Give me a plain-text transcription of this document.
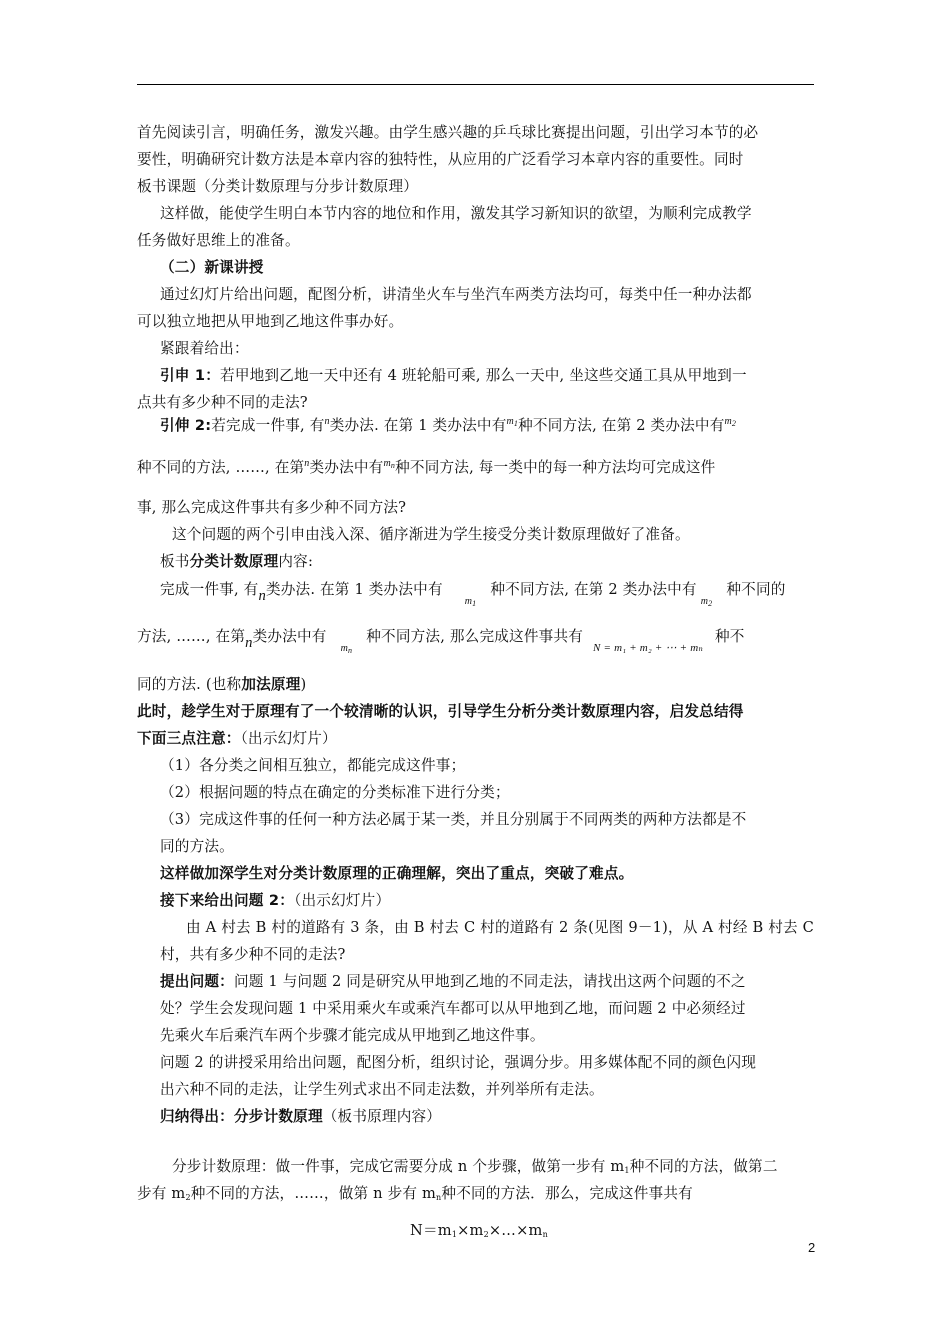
首先阅读引言，明确任务，激发兴趣。由学生感兴趣的乒乓球比赛提出问题，引出学习本节的必
要性，明确研究计数方法是本章内容的独特性，从应用的广泛看学习本章内容的重要性。同时
板书课题（分类计数原理与分步计数原理）
这样做，能使学生明白本节内容的地位和作用，激发其学习新知识的欲望，为顺利完成教学
任务做好思维上的准备。
（二）新课讲授
通过幻灯片给出问题，配图分析，讲清坐火车与坐汽车两类方法均可，每类中任一种办法都
可以独立地把从甲地到乙地这件事办好。
紧跟着给出：
引申 1：若甲地到乙地一天中还有 4 班轮船可乘, 那么一天中, 坐这些交通工具从甲地到一
点共有多少种不同的走法?
引伸 2:若完成一件事, 有$^n$类办法. 在第 1 类办法中有$^{m_1}$种不同方法, 在第 2 类办法中有$^{m_2}$
种不同的方法, ……, 在第$^n$类办法中有$^{m_n}$种不同方法, 每一类中的每一种方法均可完成这件
事, 那么完成这件事共有多少种不同方法?
这个问题的两个引申由浅入深、循序渐进为学生接受分类计数原理做好了准备。
板书分类计数原理内容:
完成一件事, 有n类办法. 在第 1 类办法中有$_{m_1}$种不同方法, 在第 2 类办法中有$_{m_2}$种不同的
方法, ……, 在第n类办法中有$_{m_n}$种不同方法, 那么完成这件事共有$_{N = m_1 + m_2 + \cdots + m_n}$种不
同的方法. (也称加法原理)
此时，趁学生对于原理有了一个较清晰的认识，引导学生分析分类计数原理内容，启发总结得
下面三点注意：（出示幻灯片）
（1）各分类之间相互独立，都能完成这件事；
（2）根据问题的特点在确定的分类标准下进行分类；
（3）完成这件事的任何一种方法必属于某一类，并且分别属于不同两类的两种方法都是不
同的方法。
这样做加深学生对分类计数原理的正确理解，突出了重点，突破了难点。
接下来给出问题 2：（出示幻灯片）
由 A 村去 B 村的道路有 3 条，由 B 村去 C 村的道路有 2 条(见图 9－1)，从 A 村经 B 村去 C
村，共有多少种不同的走法?
提出问题：问题 1 与问题 2 同是研究从甲地到乙地的不同走法，请找出这两个问题的不之
处？学生会发现问题 1 中采用乘火车或乘汽车都可以从甲地到乙地，而问题 2 中必须经过
先乘火车后乘汽车两个步骤才能完成从甲地到乙地这件事。
问题 2 的讲授采用给出问题，配图分析，组织讨论，强调分步。用多媒体配不同的颜色闪现
出六种不同的走法，让学生列式求出不同走法数，并列举所有走法。
归纳得出：分步计数原理（板书原理内容）
分步计数原理：做一件事，完成它需要分成 n 个步骤，做第一步有 $m_1$种不同的方法，做第二
步有 $m_2$种不同的方法，……，做第 n 步有 $m_n$种不同的方法．那么，完成这件事共有
$N=m_1\times m_2\times\dots\times m_n$
2
